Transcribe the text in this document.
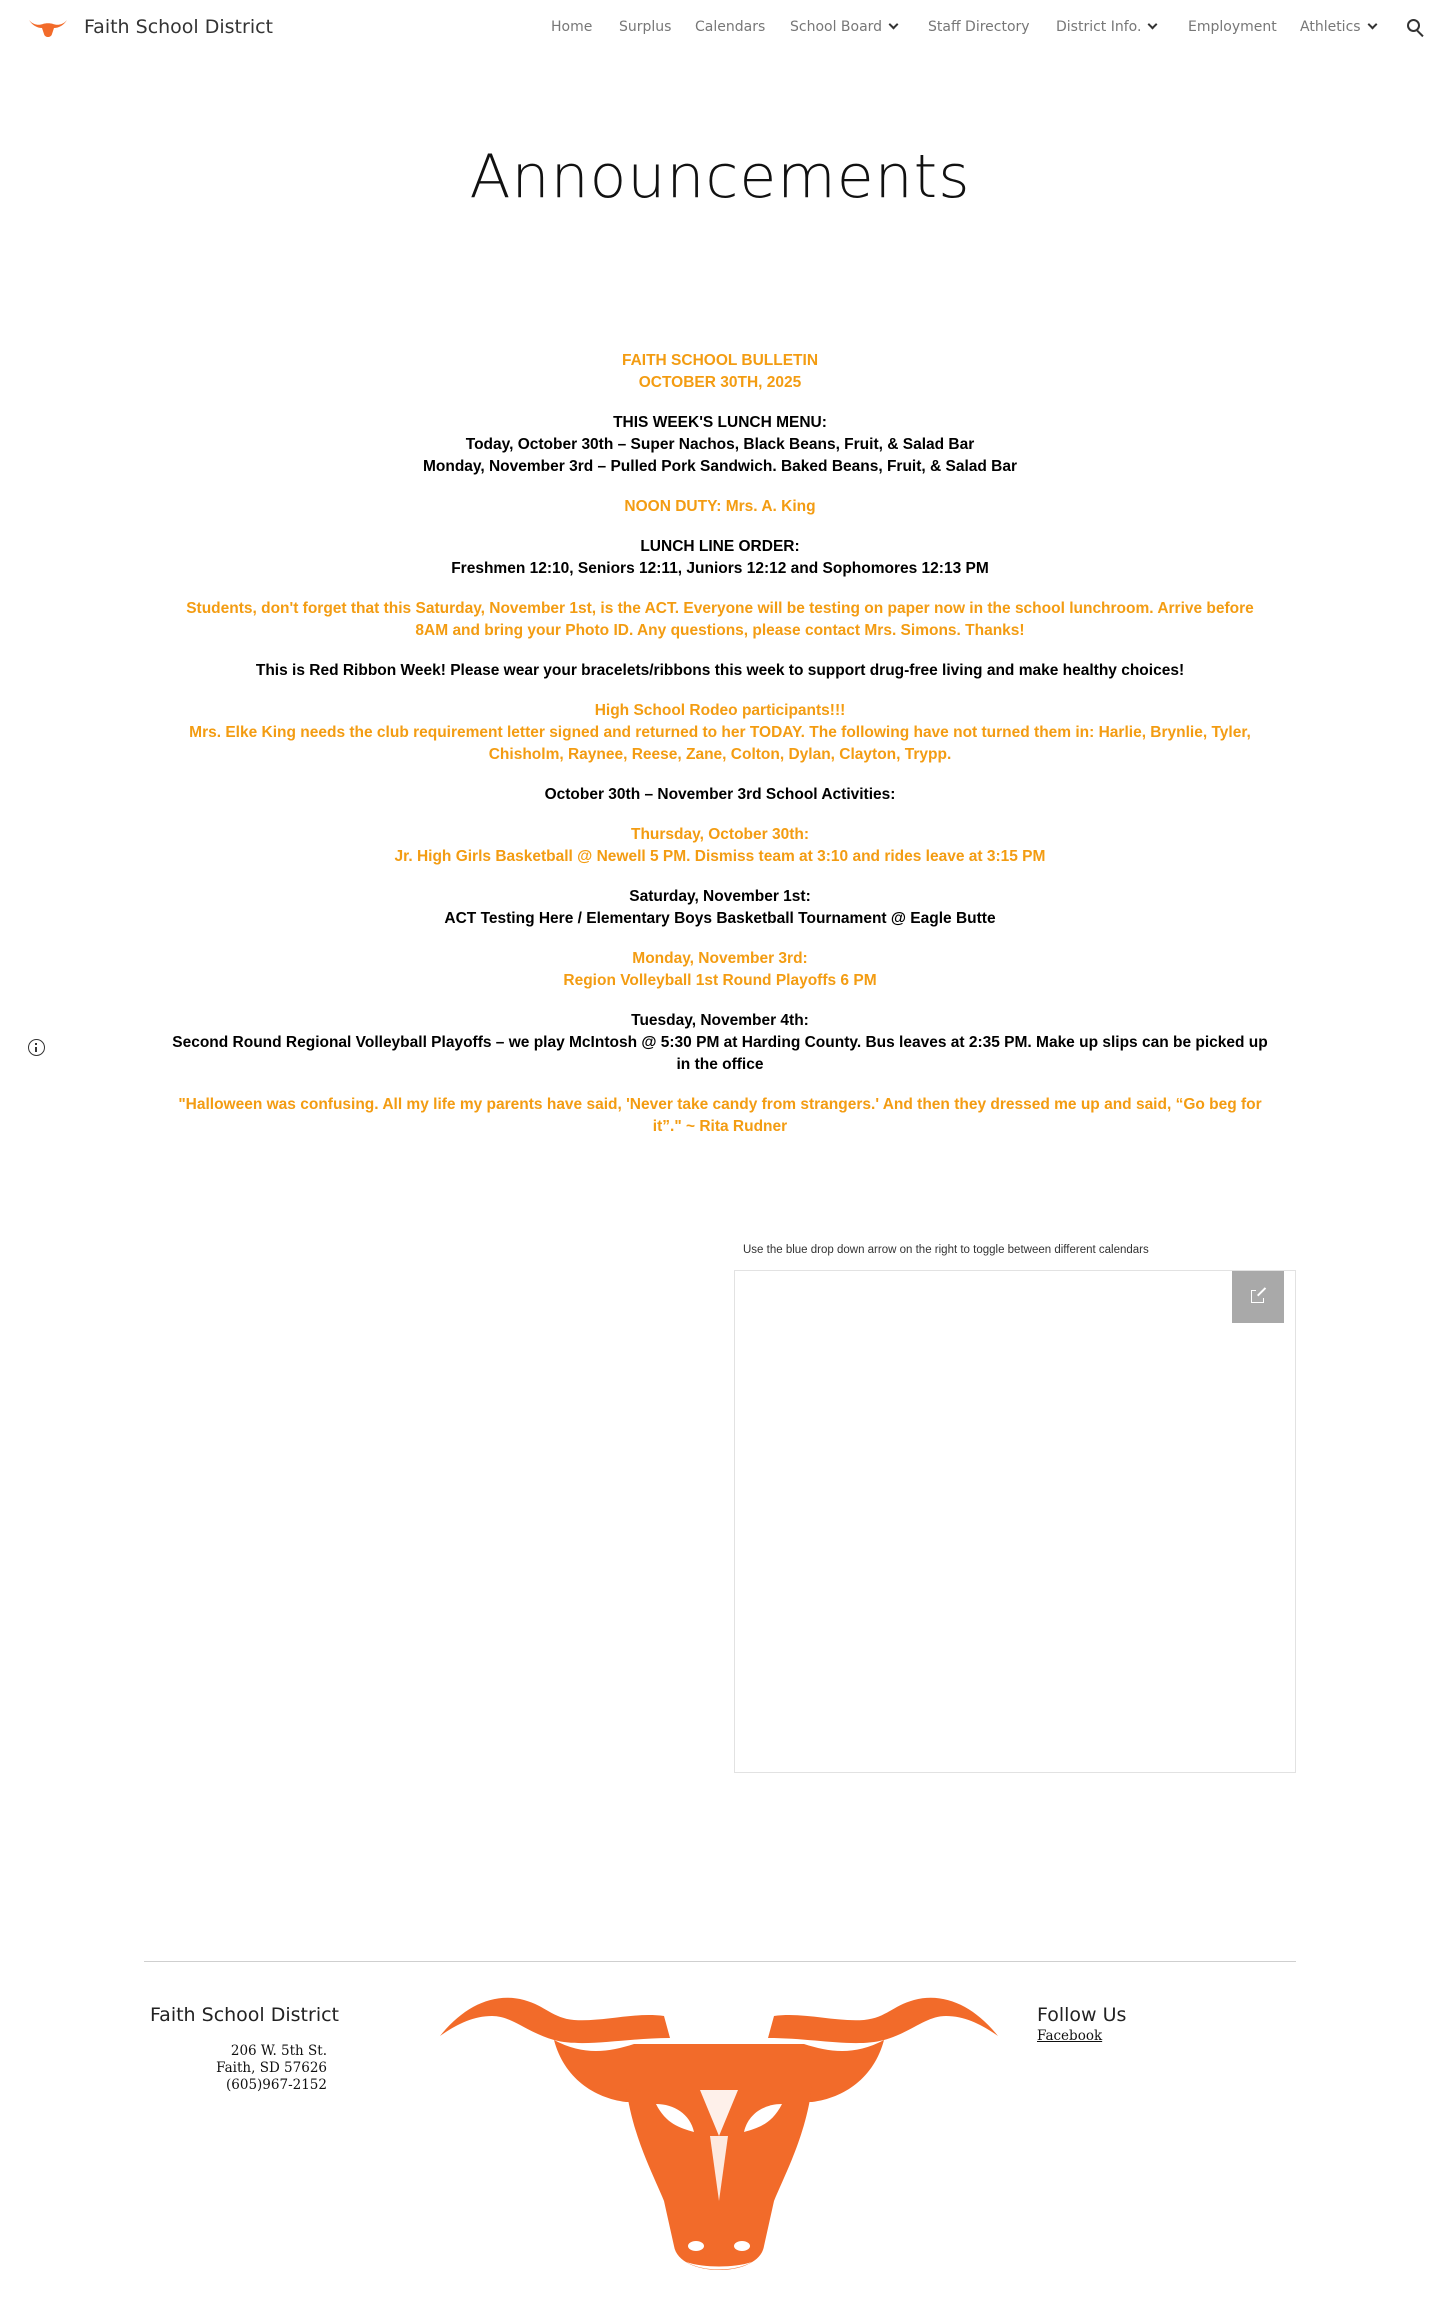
Faith School District	Home Surplus Calendars School Board	Staff Directory District Info.	Employment Athletics
Announcements
FAITH SCHOOL BULLETIN
OCTOBER 30TH, 2025
THIS WEEK'S LUNCH MENU:
Today, October 30th – Super Nachos, Black Beans, Fruit, & Salad Bar
Monday, November 3rd – Pulled Pork Sandwich. Baked Beans, Fruit, & Salad Bar
NOON DUTY: Mrs. A. King
LUNCH LINE ORDER:
Freshmen 12:10, Seniors 12:11, Juniors 12:12 and Sophomores 12:13 PM
Students, don't forget that this Saturday, November 1st, is the ACT. Everyone will be testing on paper now in the school lunchroom. Arrive before
8AM and bring your Photo ID. Any questions, please contact Mrs. Simons. Thanks!
This is Red Ribbon Week! Please wear your bracelets/ribbons this week to support drug-free living and make healthy choices!
High School Rodeo participants!!!
Mrs. Elke King needs the club requirement letter signed and returned to her TODAY. The following have not turned them in: Harlie, Brynlie, Tyler,
Chisholm, Raynee, Reese, Zane, Colton, Dylan, Clayton, Trypp.
October 30th – November 3rd School Activities:
Thursday, October 30th:
Jr. High Girls Basketball @ Newell 5 PM. Dismiss team at 3:10 and rides leave at 3:15 PM
Saturday, November 1st:
ACT Testing Here / Elementary Boys Basketball Tournament @ Eagle Butte
Monday, November 3rd:
Region Volleyball 1st Round Playoffs 6 PM
Tuesday, November 4th:
Second Round Regional Volleyball Playoffs – we play McIntosh @ 5:30 PM at Harding County. Bus leaves at 2:35 PM. Make up slips can be picked up
in the office
"Halloween was confusing. All my life my parents have said, 'Never take candy from strangers.' And then they dressed me up and said, “Go beg for
it”." ~ Rita Rudner
Use the blue drop down arrow on the right to toggle between different calendars
Faith School District
206 W. 5th St.
Faith, SD 57626
(605)967-2152
Follow Us
Facebook
